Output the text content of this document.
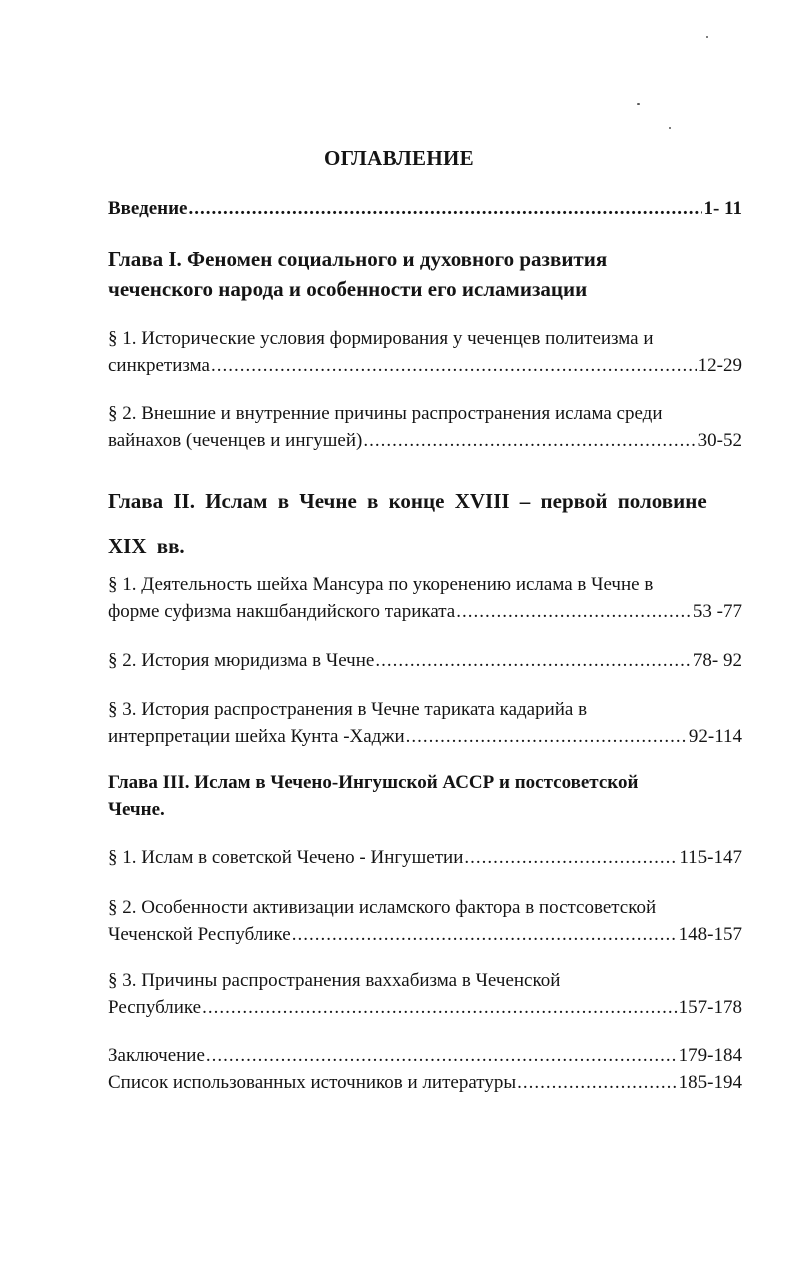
ОГЛАВЛЕНИЕ
Введение .....	1- 11
Глава I. Феномен социального и духовного развития
чеченского народа и особенности его исламизации
§ 1. Исторические условия формирования у чеченцев политеизма и
синкретизма .....	12-29
§ 2. Внешние и внутренние причины распространения ислама среди
вайнахов (чеченцев и ингушей) .....	30-52
Глава II. Ислам в Чечне в конце XVIII – первой половине
XIX вв.
§ 1. Деятельность шейха Мансура по укоренению ислама в Чечне в
форме суфизма накшбандийского тариката .....	53 -77
§ 2. История мюридизма в Чечне .....	78- 92
§ 3. История распространения в Чечне тариката кадарийа в
интерпретации шейха Кунта -Хаджи .....	92-114
Глава III. Ислам в Чечено-Ингушской АССР и постсоветской
Чечне.
§ 1. Ислам в советской Чечено - Ингушетии .....	115-147
§ 2. Особенности активизации исламского фактора в постсоветской
Чеченской Республике .....	148-157
§ 3. Причины распространения ваххабизма в Чеченской
Республике .....	157-178
Заключение .....	179-184
Список использованных источников и литературы .....	185-194
